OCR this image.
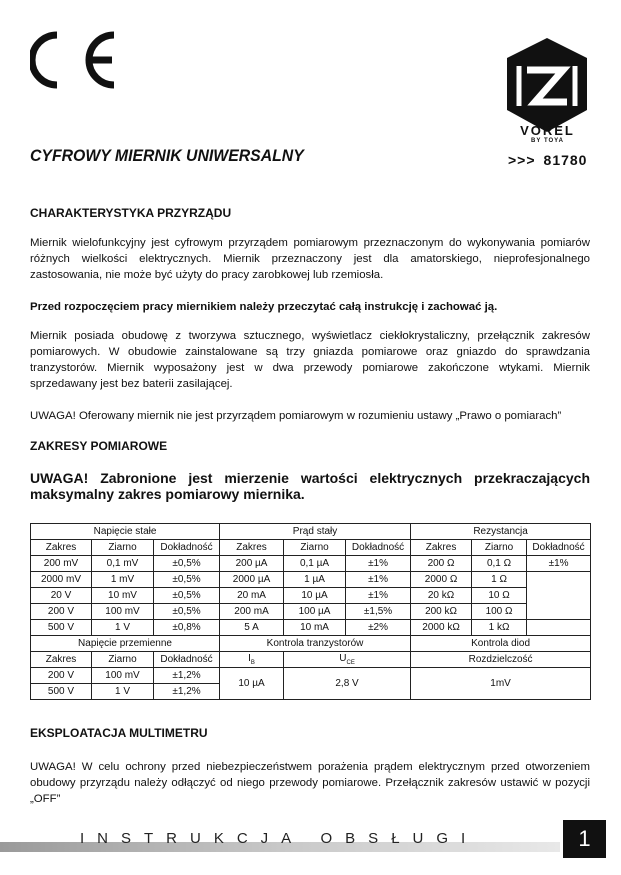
VOREL
BY TOYA
>>> 81780
CYFROWY MIERNIK UNIWERSALNY
CHARAKTERYSTYKA PRZYRZĄDU
Miernik wielofunkcyjny jest cyfrowym przyrządem pomiarowym przeznaczonym do wykonywania pomiarów różnych wielkości elektrycznych. Miernik przeznaczony jest dla amatorskiego, nieprofesjonalnego zastosowania, nie może być użyty do pracy zarobkowej lub rzemiosła.
Przed rozpoczęciem pracy miernikiem należy przeczytać całą instrukcję i zachować ją.
Miernik posiada obudowę z tworzywa sztucznego, wyświetlacz ciekłokrystaliczny, przełącznik zakresów pomiarowych. W obudowie zainstalowane są trzy gniazda pomiarowe oraz gniazdo do sprawdzania tranzystorów. Miernik wyposażony jest w dwa przewody pomiarowe zakończone wtykami. Miernik sprzedawany jest bez baterii zasilającej.
UWAGA! Oferowany miernik nie jest przyrządem pomiarowym w rozumieniu ustawy „Prawo o pomiarach”
ZAKRESY POMIAROWE
UWAGA! Zabronione jest mierzenie wartości elektrycznych przekraczających maksymalny zakres pomiarowy miernika.
Napięcie stałe			Prąd stały			Rezystancja		
Zakres	Ziarno	Dokładność	Zakres	Ziarno	Dokładność	Zakres	Ziarno	Dokładność
200 mV	0,1 mV	±0,5%	200 µA	0,1 µA	±1%	200 Ω	0,1 Ω	±1%
2000 mV	1 mV	±0,5%	2000 µA	1 µA	±1%	2000 Ω	1 Ω	
20 V	10 mV	±0,5%	20 mA	10 µA	±1%	20 kΩ	10 Ω	
200 V	100 mV	±0,5%	200 mA	100 µA	±1,5%	200 kΩ	100 Ω	
500 V	1 V	±0,8%	5 A	10 mA	±2%	2000 kΩ	1 kΩ	
Napięcie przemienne			Kontrola tranzystorów			Kontrola diod		
Zakres	Ziarno	Dokładność	$I_B$	$U_{CE}$		Rozdzielczość		
200 V	100 mV	±1,2%	10 µA	2,8 V		1mV		
500 V	1 V	±1,2%						
EKSPLOATACJA MULTIMETRU
UWAGA! W celu ochrony przed niebezpieczeństwem porażenia prądem elektrycznym przed otworzeniem obudowy przyrządu należy odłączyć od niego przewody pomiarowe. Przełącznik zakresów ustawić w pozycji „OFF”
INSTRUKCJA OBSŁUGI	1
